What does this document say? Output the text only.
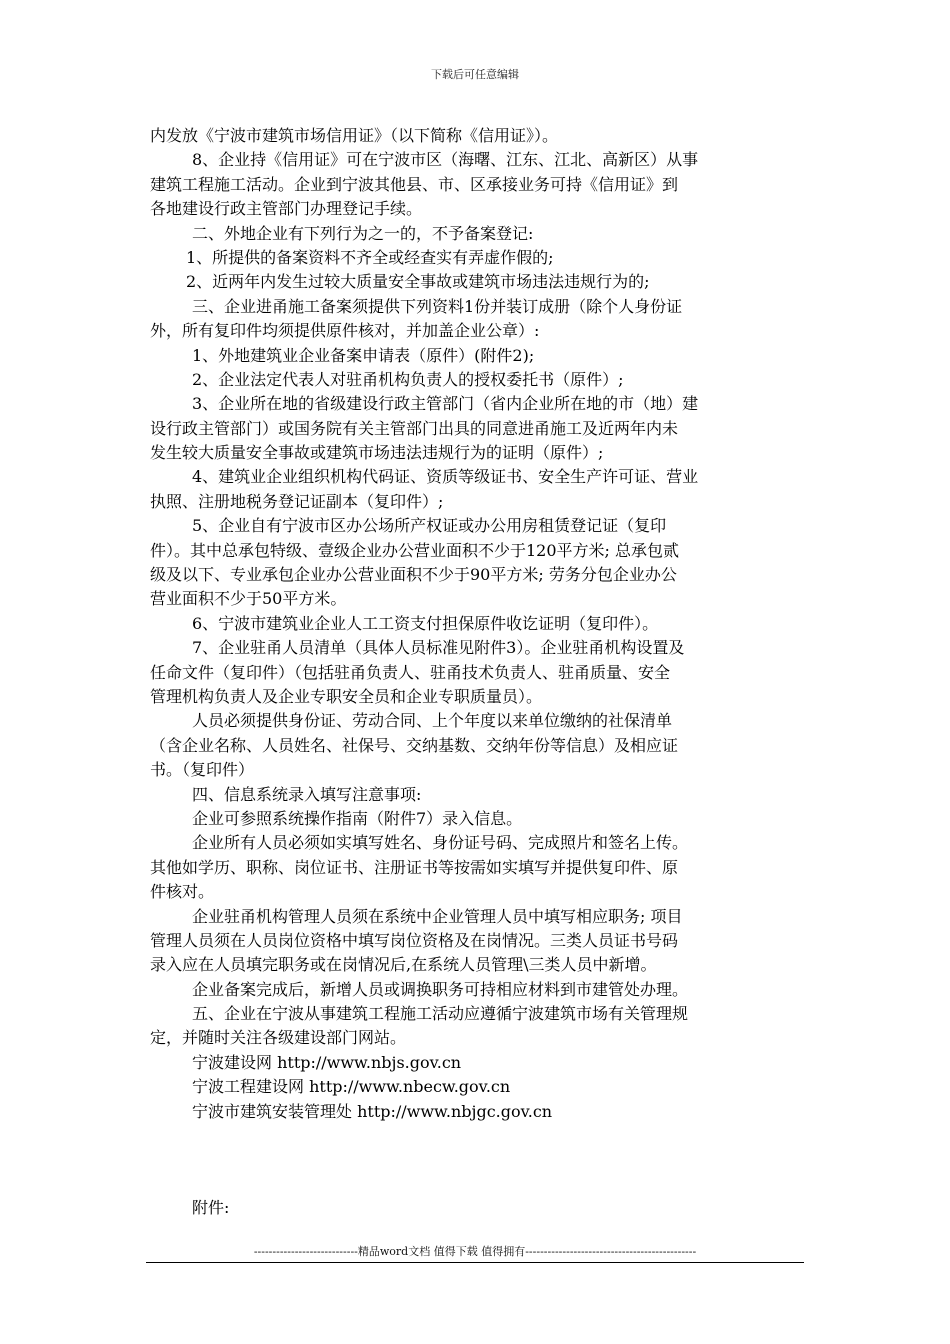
下载后可任意编辑
内发放《宁波市建筑市场信用证》（以下简称《信用证》）。
8、企业持《信用证》可在宁波市区（海曙、江东、江北、高新区）从事
建筑工程施工活动。企业到宁波其他县、市、区承接业务可持《信用证》到
各地建设行政主管部门办理登记手续。
二、外地企业有下列行为之一的，不予备案登记:
1、所提供的备案资料不齐全或经查实有弄虚作假的;
2、近两年内发生过较大质量安全事故或建筑市场违法违规行为的;
三、企业进甬施工备案须提供下列资料1份并装订成册（除个人身份证
外，所有复印件均须提供原件核对，并加盖企业公章）:
1、外地建筑业企业备案申请表（原件）(附件2);
2、企业法定代表人对驻甬机构负责人的授权委托书（原件）;
3、企业所在地的省级建设行政主管部门（省内企业所在地的市（地）建
设行政主管部门）或国务院有关主管部门出具的同意进甬施工及近两年内未
发生较大质量安全事故或建筑市场违法违规行为的证明（原件）;
4、建筑业企业组织机构代码证、资质等级证书、安全生产许可证、营业
执照、注册地税务登记证副本（复印件）;
5、企业自有宁波市区办公场所产权证或办公用房租赁登记证（复印
件）。其中总承包特级、壹级企业办公营业面积不少于120平方米; 总承包贰
级及以下、专业承包企业办公营业面积不少于90平方米; 劳务分包企业办公
营业面积不少于50平方米。
6、宁波市建筑业企业人工工资支付担保原件收讫证明（复印件）。
7、企业驻甬人员清单（具体人员标准见附件3）。企业驻甬机构设置及
任命文件（复印件）（包括驻甬负责人、驻甬技术负责人、驻甬质量、安全
管理机构负责人及企业专职安全员和企业专职质量员）。
人员必须提供身份证、劳动合同、上个年度以来单位缴纳的社保清单
（含企业名称、人员姓名、社保号、交纳基数、交纳年份等信息）及相应证
书。（复印件）
四、信息系统录入填写注意事项:
企业可参照系统操作指南（附件7）录入信息。
企业所有人员必须如实填写姓名、身份证号码、完成照片和签名上传。
其他如学历、职称、岗位证书、注册证书等按需如实填写并提供复印件、原
件核对。
企业驻甬机构管理人员须在系统中企业管理人员中填写相应职务; 项目
管理人员须在人员岗位资格中填写岗位资格及在岗情况。三类人员证书号码
录入应在人员填完职务或在岗情况后,在系统人员管理\三类人员中新增。
企业备案完成后，新增人员或调换职务可持相应材料到市建管处办理。
五、企业在宁波从事建筑工程施工活动应遵循宁波建筑市场有关管理规
定，并随时关注各级建设部门网站。
宁波建设网 http://www.nbjs.gov.cn
宁波工程建设网 http://www.nbecw.gov.cn
宁波市建筑安装管理处 http://www.nbjgc.gov.cn
附件:
----------------------------精品word文档 值得下载 值得拥有----------------------------------------------
